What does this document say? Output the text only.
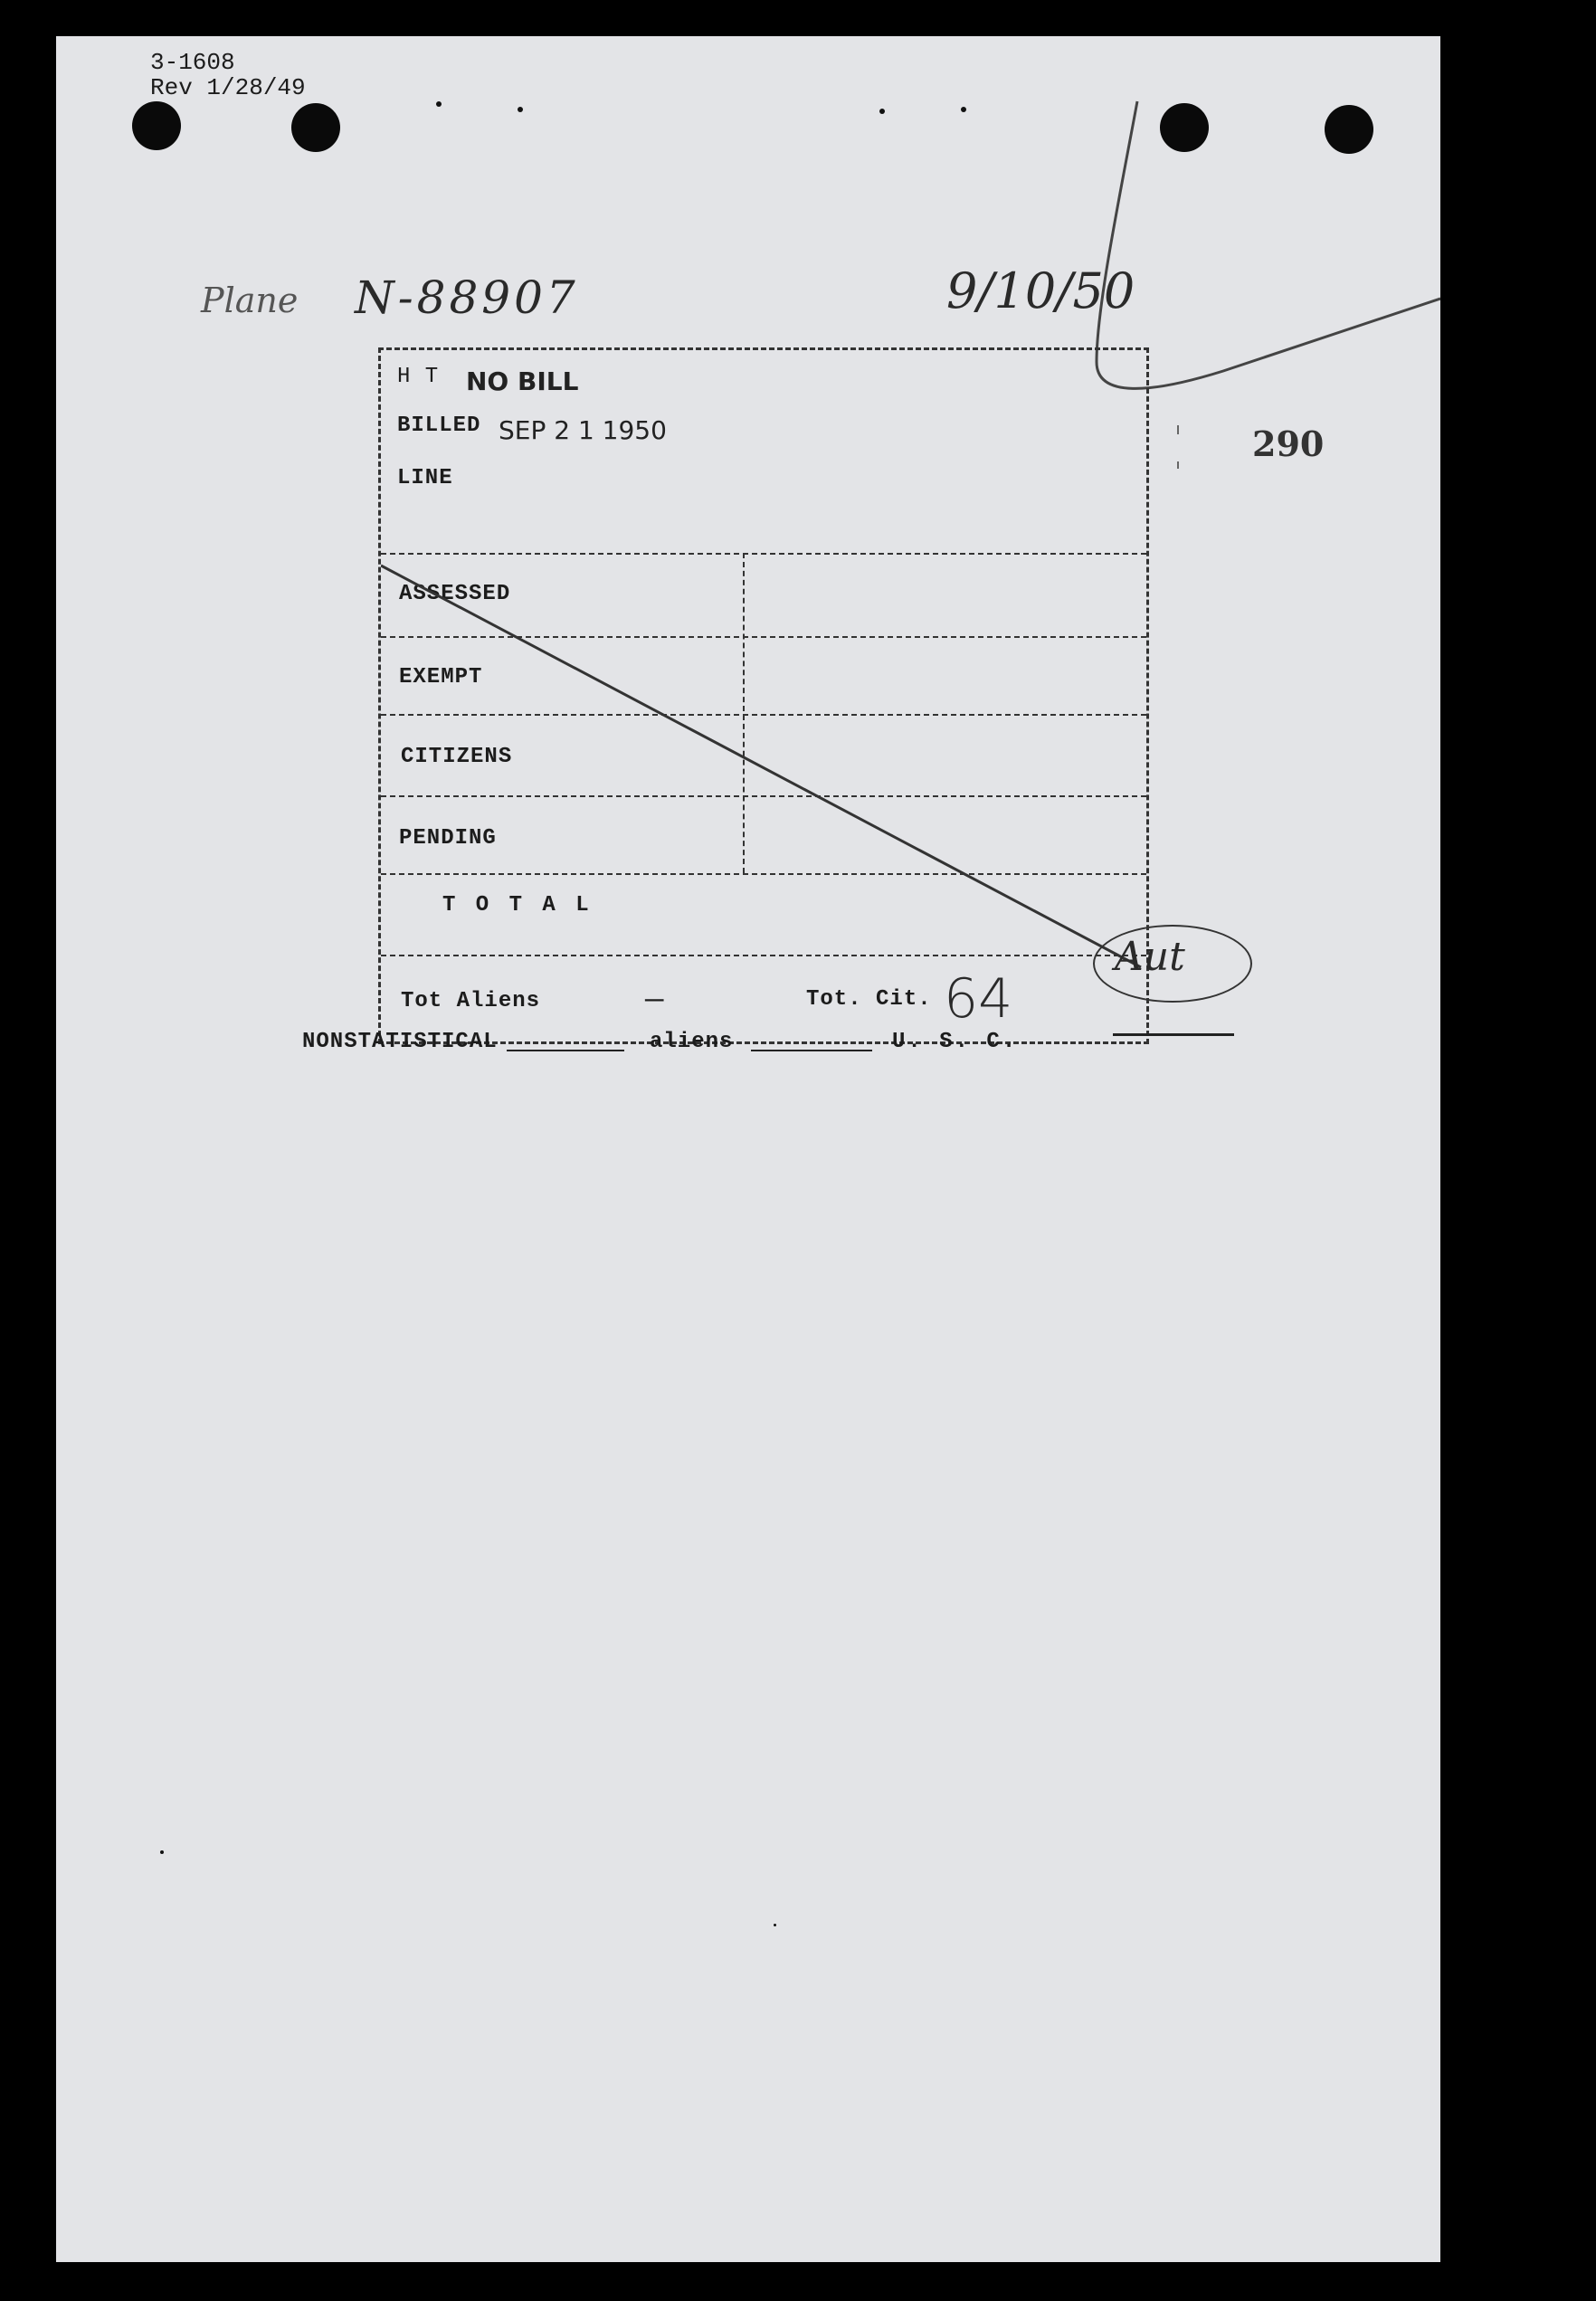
3-1608
Rev 1/28/49
Plane N-88907	9/10/50
290
H T NO BILL
BILLED SEP 2 1 1950
LINE
ASSESSED
EXEMPT
CITIZENS
PENDING
T O T A L
Tot Aliens	—	Tot. Cit. 64
Aut
NONSTATISTICAL	aliens	U. S. C.
